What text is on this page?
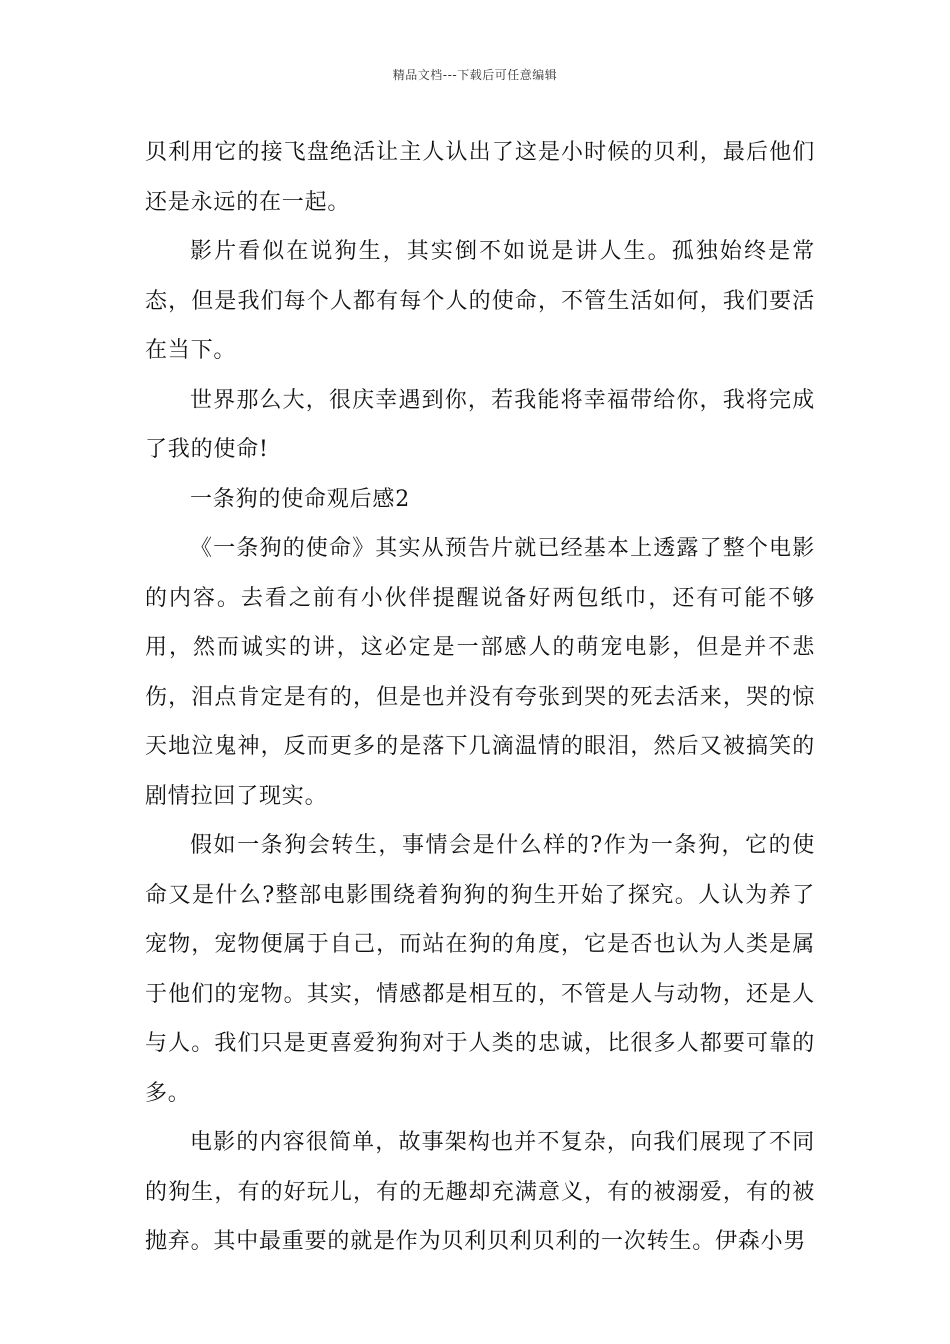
精品文档---下载后可任意编辑

贝利用它的接飞盘绝活让主人认出了这是小时候的贝利，最后他们还是永远的在一起。

影片看似在说狗生，其实倒不如说是讲人生。孤独始终是常态，但是我们每个人都有每个人的使命，不管生活如何，我们要活在当下。

世界那么大，很庆幸遇到你，若我能将幸福带给你，我将完成了我的使命!

一条狗的使命观后感2

《一条狗的使命》其实从预告片就已经基本上透露了整个电影的内容。去看之前有小伙伴提醒说备好两包纸巾，还有可能不够用，然而诚实的讲，这必定是一部感人的萌宠电影，但是并不悲伤，泪点肯定是有的，但是也并没有夸张到哭的死去活来，哭的惊天地泣鬼神，反而更多的是落下几滴温情的眼泪，然后又被搞笑的剧情拉回了现实。

假如一条狗会转生，事情会是什么样的?作为一条狗，它的使命又是什么?整部电影围绕着狗狗的狗生开始了探究。人认为养了宠物，宠物便属于自己，而站在狗的角度，它是否也认为人类是属于他们的宠物。其实，情感都是相互的，不管是人与动物，还是人与人。我们只是更喜爱狗狗对于人类的忠诚，比很多人都要可靠的多。

电影的内容很简单，故事架构也并不复杂，向我们展现了不同的狗生，有的好玩儿，有的无趣却充满意义，有的被溺爱，有的被抛弃。其中最重要的就是作为贝利贝利贝利的一次转生。伊森小男
